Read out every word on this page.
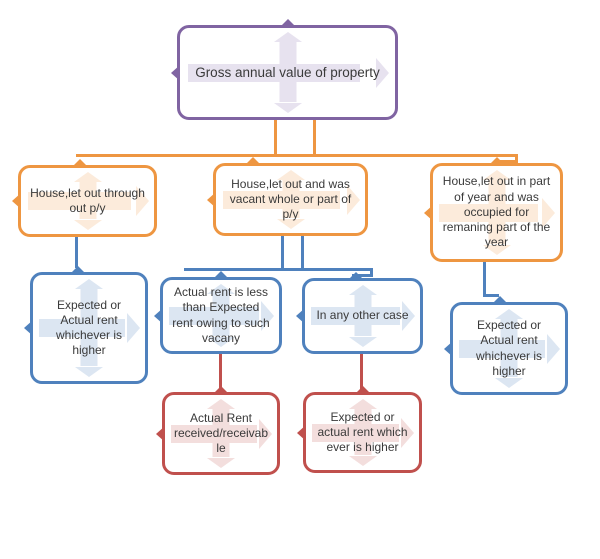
Gross annual value of property
House,let out through out p/y
House,let out and was vacant whole or part of p/y
House,let out in part of year and was occupied for remaning part of the year
Expected or Actual rent whichever is higher
Actual rent is less than Expected rent owing to such vacany
In any other case
Expected or Actual rent whichever is higher
Actual Rent received/receivable
Expected or actual rent which ever is higher
